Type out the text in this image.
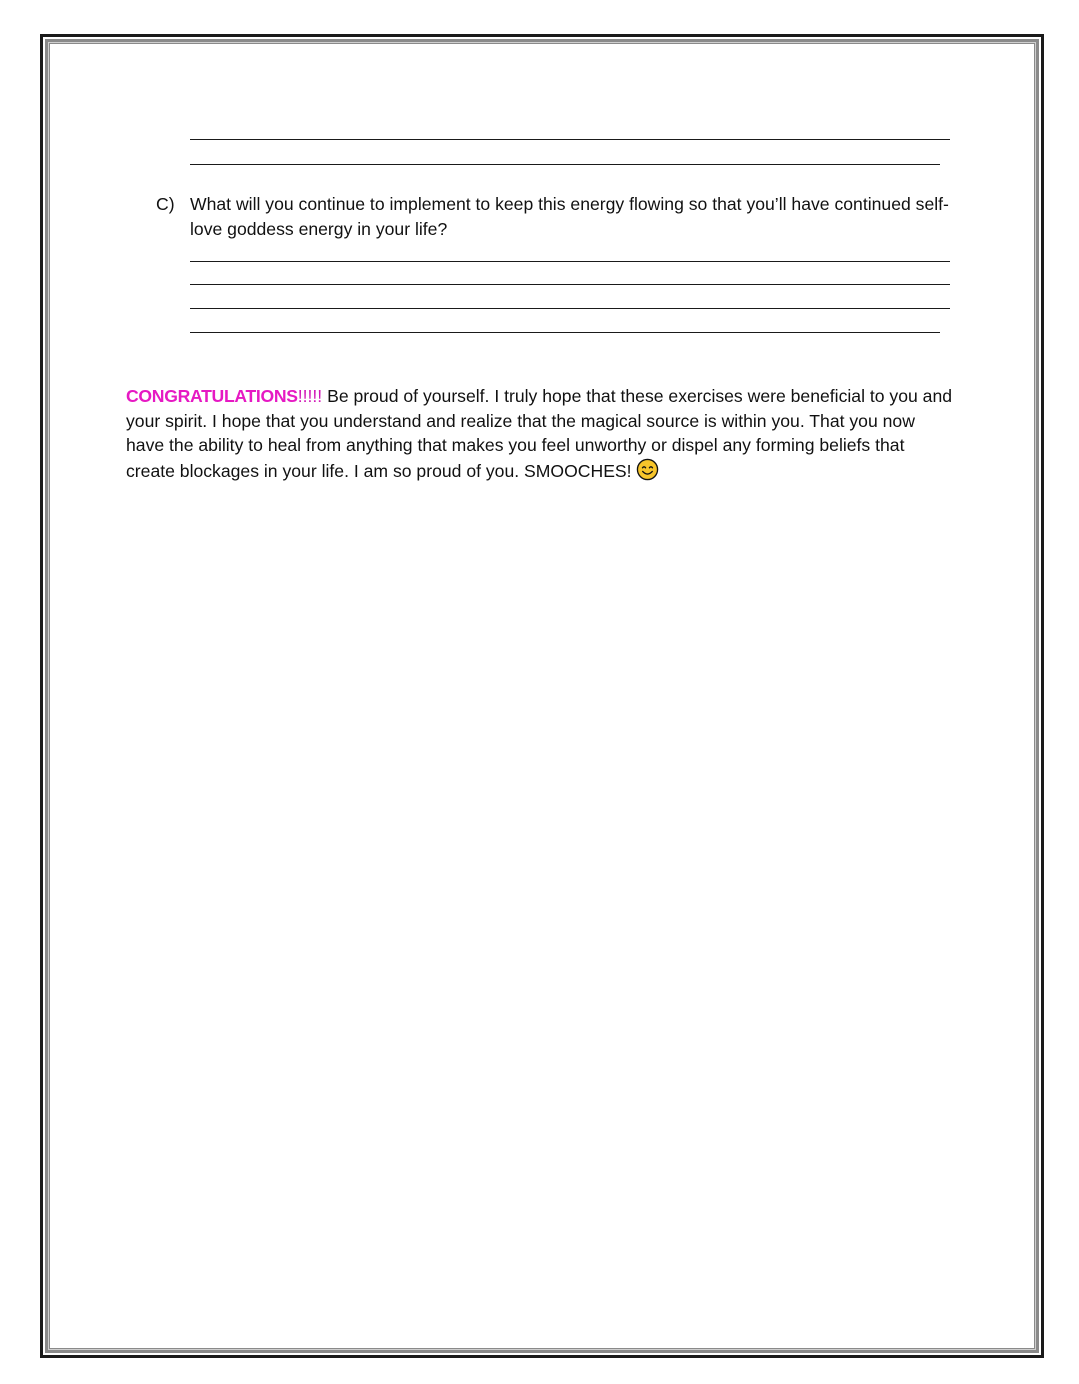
C) What will you continue to implement to keep this energy flowing so that you’ll have continued self-love goddess energy in your life?
CONGRATULATIONS!!!!! Be proud of yourself. I truly hope that these exercises were beneficial to you and your spirit. I hope that you understand and realize that the magical source is within you. That you now have the ability to heal from anything that makes you feel unworthy or dispel any forming beliefs that create blockages in your life. I am so proud of you. SMOOCHES!
